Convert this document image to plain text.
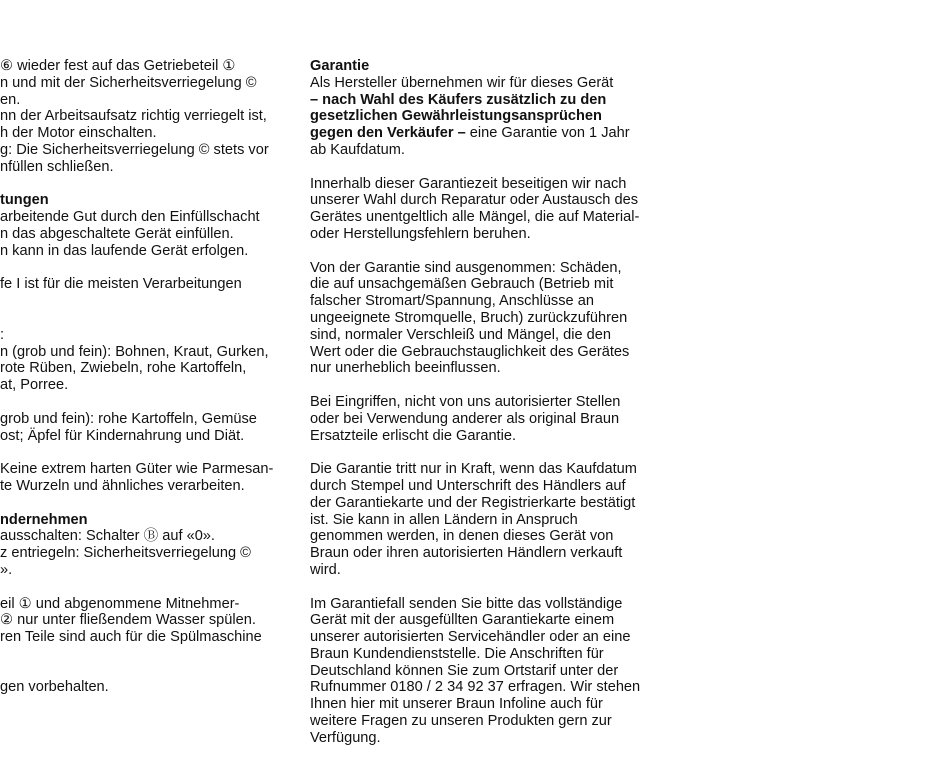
⑥ wieder fest auf das Getriebeteil ①
n und mit der Sicherheitsverriegelung ©
en.
nn der Arbeitsaufsatz richtig verriegelt ist,
h der Motor einschalten.
g: Die Sicherheitsverriegelung © stets vor
nfüllen schließen.
tungen
arbeitende Gut durch den Einfüllschacht
n das abgeschaltete Gerät einfüllen.
n kann in das laufende Gerät erfolgen.
fe I ist für die meisten Verarbeitungen
:
n (grob und fein): Bohnen, Kraut, Gurken,
rote Rüben, Zwiebeln, rohe Kartoffeln,
at, Porree.
grob und fein): rohe Kartoffeln, Gemüse
ost; Äpfel für Kindernahrung und Diät.
Keine extrem harten Güter wie Parmesan-
te Wurzeln und ähnliches verarbeiten.
ndernehmen
ausschalten: Schalter Ⓑ auf «0».
z entriegeln: Sicherheitsverriegelung ©
».
eil ① und abgenommene Mitnehmer-
② nur unter fließendem Wasser spülen.
ren Teile sind auch für die Spülmaschine
gen vorbehalten.
Garantie
Als Hersteller übernehmen wir für dieses Gerät
– nach Wahl des Käufers zusätzlich zu den
gesetzlichen Gewährleistungsansprüchen
gegen den Verkäufer – eine Garantie von 1 Jahr
ab Kaufdatum.
Innerhalb dieser Garantiezeit beseitigen wir nach
unserer Wahl durch Reparatur oder Austausch des
Gerätes unentgeltlich alle Mängel, die auf Material-
oder Herstellungsfehlern beruhen.
Von der Garantie sind ausgenommen: Schäden,
die auf unsachgemäßen Gebrauch (Betrieb mit
falscher Stromart/Spannung, Anschlüsse an
ungeeignete Stromquelle, Bruch) zurückzuführen
sind, normaler Verschleiß und Mängel, die den
Wert oder die Gebrauchstauglichkeit des Gerätes
nur unerheblich beeinflussen.
Bei Eingriffen, nicht von uns autorisierter Stellen
oder bei Verwendung anderer als original Braun
Ersatzteile erlischt die Garantie.
Die Garantie tritt nur in Kraft, wenn das Kaufdatum
durch Stempel und Unterschrift des Händlers auf
der Garantiekarte und der Registrierkarte bestätigt
ist. Sie kann in allen Ländern in Anspruch
genommen werden, in denen dieses Gerät von
Braun oder ihren autorisierten Händlern verkauft
wird.
Im Garantiefall senden Sie bitte das vollständige
Gerät mit der ausgefüllten Garantiekarte einem
unserer autorisierten Servicehändler oder an eine
Braun Kundendienststelle. Die Anschriften für
Deutschland können Sie zum Ortstarif unter der
Rufnummer 0180 / 2 34 92 37 erfragen. Wir stehen
Ihnen hier mit unserer Braun Infoline auch für
weitere Fragen zu unseren Produkten gern zur
Verfügung.
